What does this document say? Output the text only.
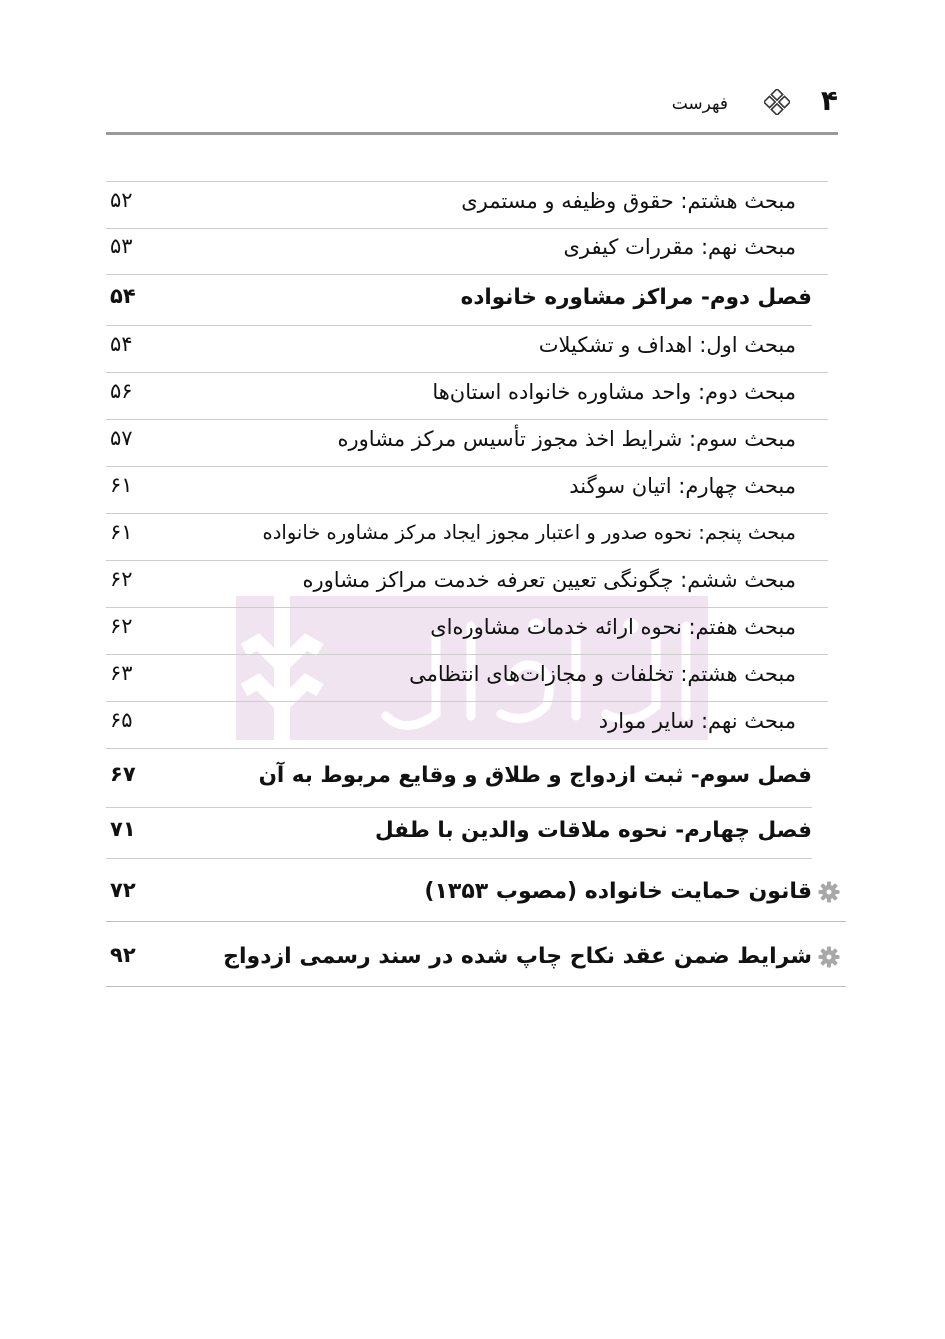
۴
فهرست
مبحث هشتم: حقوق وظیفه و مستمری
۵۲
مبحث نهم: مقررات کیفری
۵۳
فصل دوم- مراکز مشاوره خانواده
۵۴
مبحث اول: اهداف و تشکیلات
۵۴
مبحث دوم: واحد مشاوره خانواده استان‌ها
۵۶
مبحث سوم: شرایط اخذ مجوز تأسیس مرکز مشاوره
۵۷
مبحث چهارم: اتیان سوگند
۶۱
مبحث پنجم: نحوه صدور و اعتبار مجوز ایجاد مرکز مشاوره خانواده
۶۱
مبحث ششم: چگونگی تعیین تعرفه خدمت مراکز مشاوره
۶۲
مبحث هفتم: نحوه ارائه خدمات مشاوره‌ای
۶۲
مبحث هشتم: تخلفات و مجازات‌های انتظامی
۶۳
مبحث نهم: سایر موارد
۶۵
فصل سوم- ثبت ازدواج و طلاق و وقایع مربوط به آن
۶۷
فصل چهارم- نحوه ملاقات والدین با طفل
۷۱
قانون حمایت خانواده (مصوب ۱۳۵۳)
۷۲
شرایط ضمن عقد نکاح چاپ شده در سند رسمی ازدواج
۹۲
